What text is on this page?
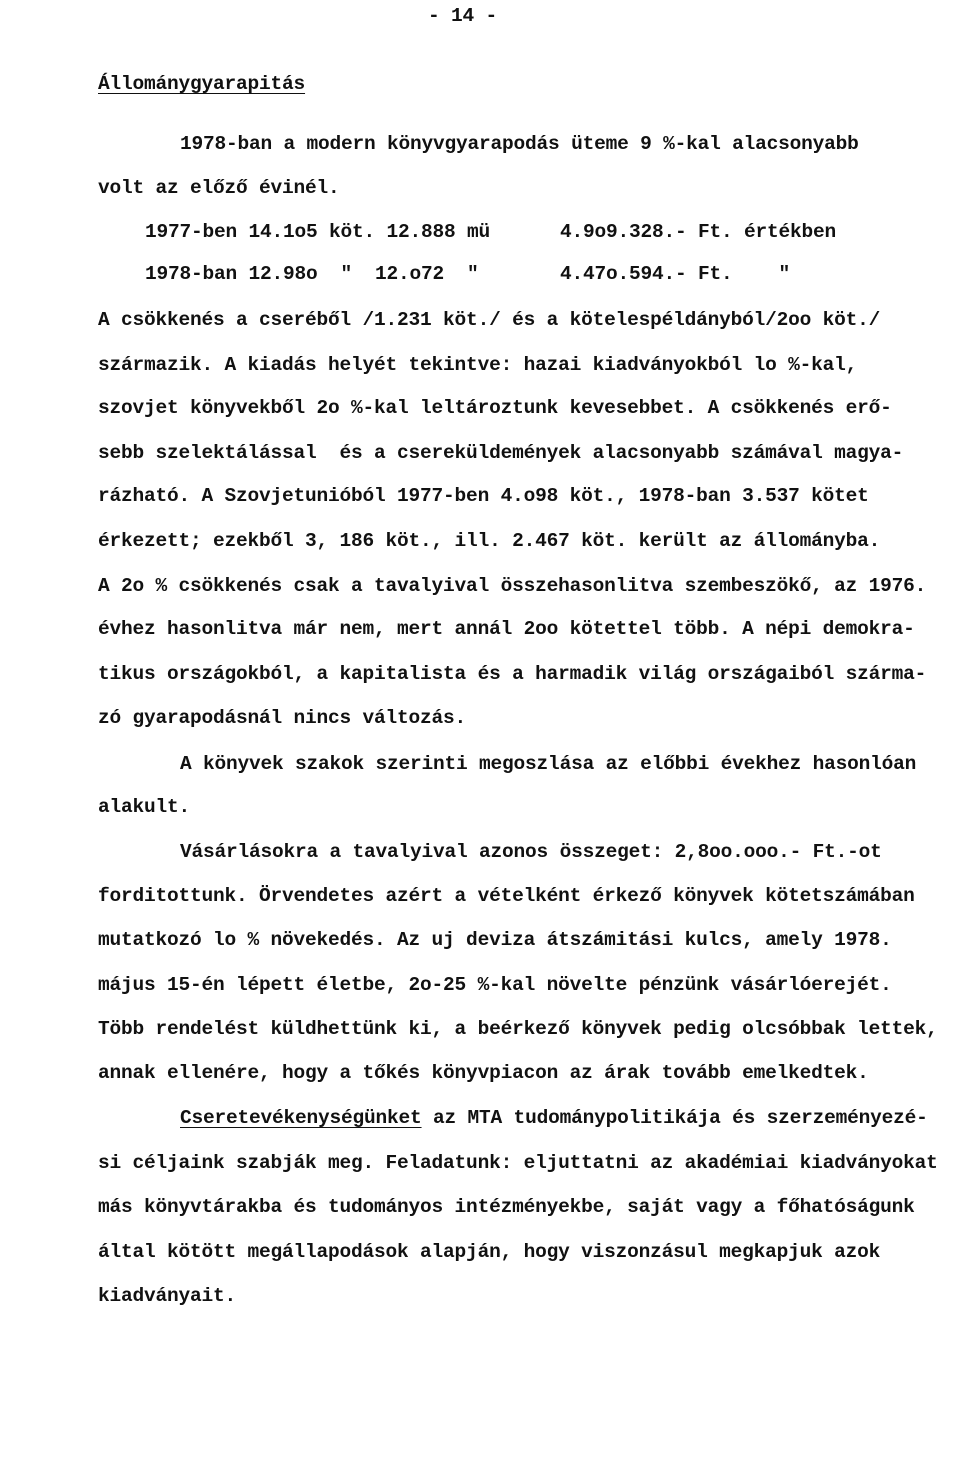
- 14 -
Állománygyarapitás
1978-ban a modern könyvgyarapodás üteme 9 %-kal alacsonyabb
volt az előző évinél.
1977-ben 14.1o5 köt. 12.888 mü	4.9o9.328.- Ft. értékben
1978-ban 12.98o  "  12.o72  "	4.47o.594.- Ft.    "
A csökkenés a cseréből /1.231 köt./ és a kötelespéldányból/2oo köt./
származik. A kiadás helyét tekintve: hazai kiadványokból lo %-kal,
szovjet könyvekből 2o %-kal leltároztunk kevesebbet. A csökkenés erő-
sebb szelektálással  és a csereküldemények alacsonyabb számával magya-
rázható. A Szovjetunióból 1977-ben 4.o98 köt., 1978-ban 3.537 kötet
érkezett; ezekből 3, 186 köt., ill. 2.467 köt. került az állományba.
A 2o % csökkenés csak a tavalyival összehasonlitva szembeszökő, az 1976.
évhez hasonlitva már nem, mert annál 2oo kötettel több. A népi demokra-
tikus országokból, a kapitalista és a harmadik világ országaiból szárma-
zó gyarapodásnál nincs változás.
A könyvek szakok szerinti megoszlása az előbbi évekhez hasonlóan
alakult.
Vásárlásokra a tavalyival azonos összeget: 2,8oo.ooo.- Ft.-ot
forditottunk. Örvendetes azért a vételként érkező könyvek kötetszámában
mutatkozó lo % növekedés. Az uj deviza átszámitási kulcs, amely 1978.
május 15-én lépett életbe, 2o-25 %-kal növelte pénzünk vásárlóerejét.
Több rendelést küldhettünk ki, a beérkező könyvek pedig olcsóbbak lettek,
annak ellenére, hogy a tőkés könyvpiacon az árak tovább emelkedtek.
Cseretevékenységünket az MTA tudománypolitikája és szerzeményezé-
si céljaink szabják meg. Feladatunk: eljuttatni az akadémiai kiadványokat
más könyvtárakba és tudományos intézményekbe, saját vagy a főhatóságunk
által kötött megállapodások alapján, hogy viszonzásul megkapjuk azok
kiadványait.
